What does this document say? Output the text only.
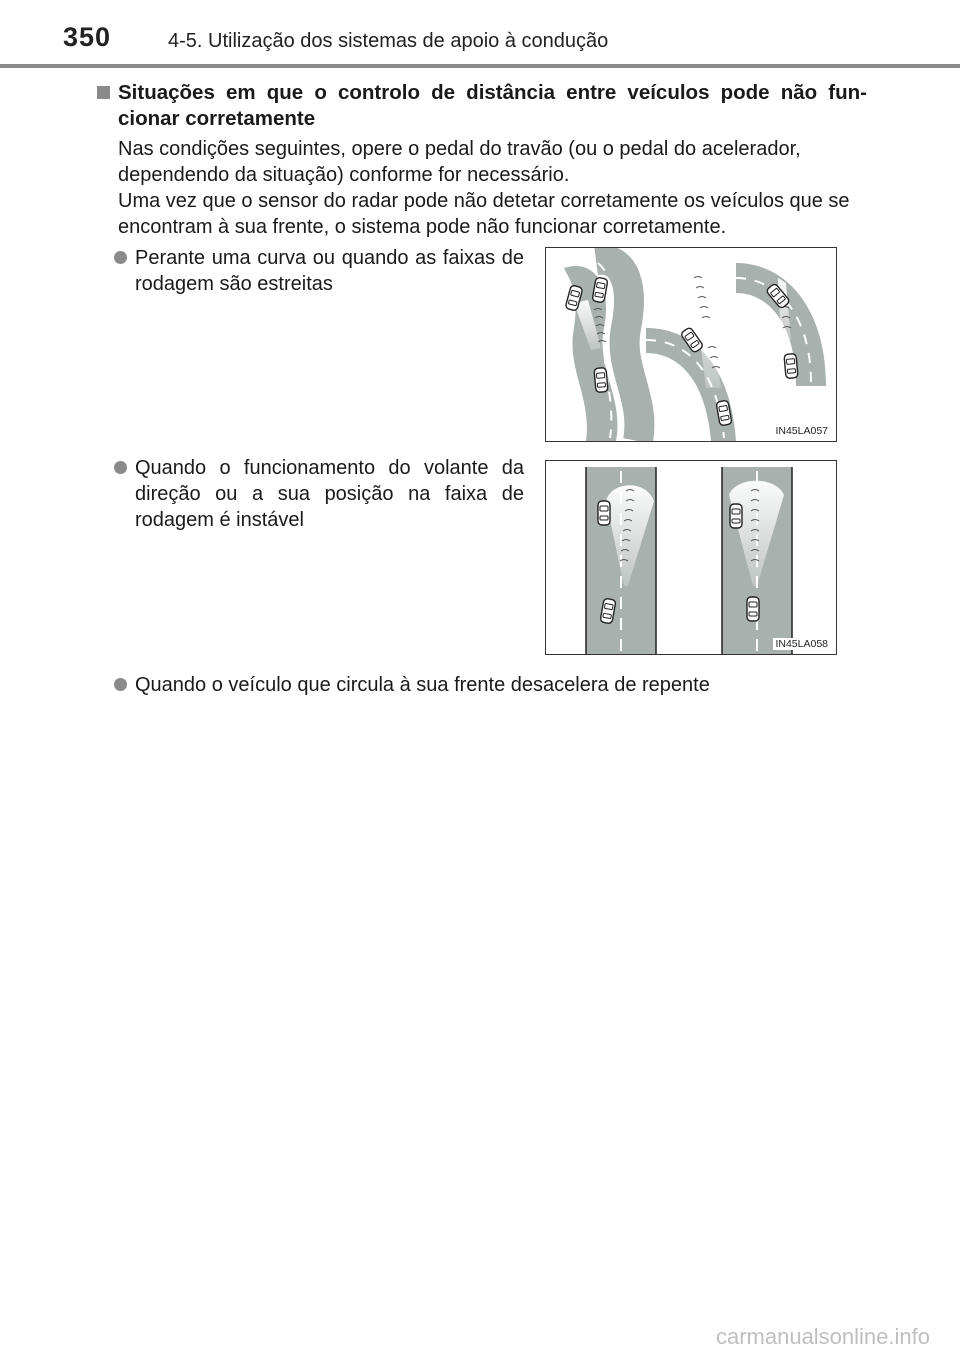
350	4-5. Utilização dos sistemas de apoio à condução
Situações em que o controlo de distância entre veículos pode não fun-cionar corretamente

Nas condições seguintes, opere o pedal do travão (ou o pedal do acelerador, dependendo da situação) conforme for necessário.

Uma vez que o sensor do radar pode não detetar corretamente os veículos que se encontram à sua frente, o sistema pode não funcionar corretamente.

Perante uma curva ou quando as faixas de rodagem são estreitas
IN45LA057
Quando o funcionamento do volante da direção ou a sua posição na faixa de rodagem é instável
IN45LA058
Quando o veículo que circula à sua frente desacelera de repente
carmanualsonline.info
